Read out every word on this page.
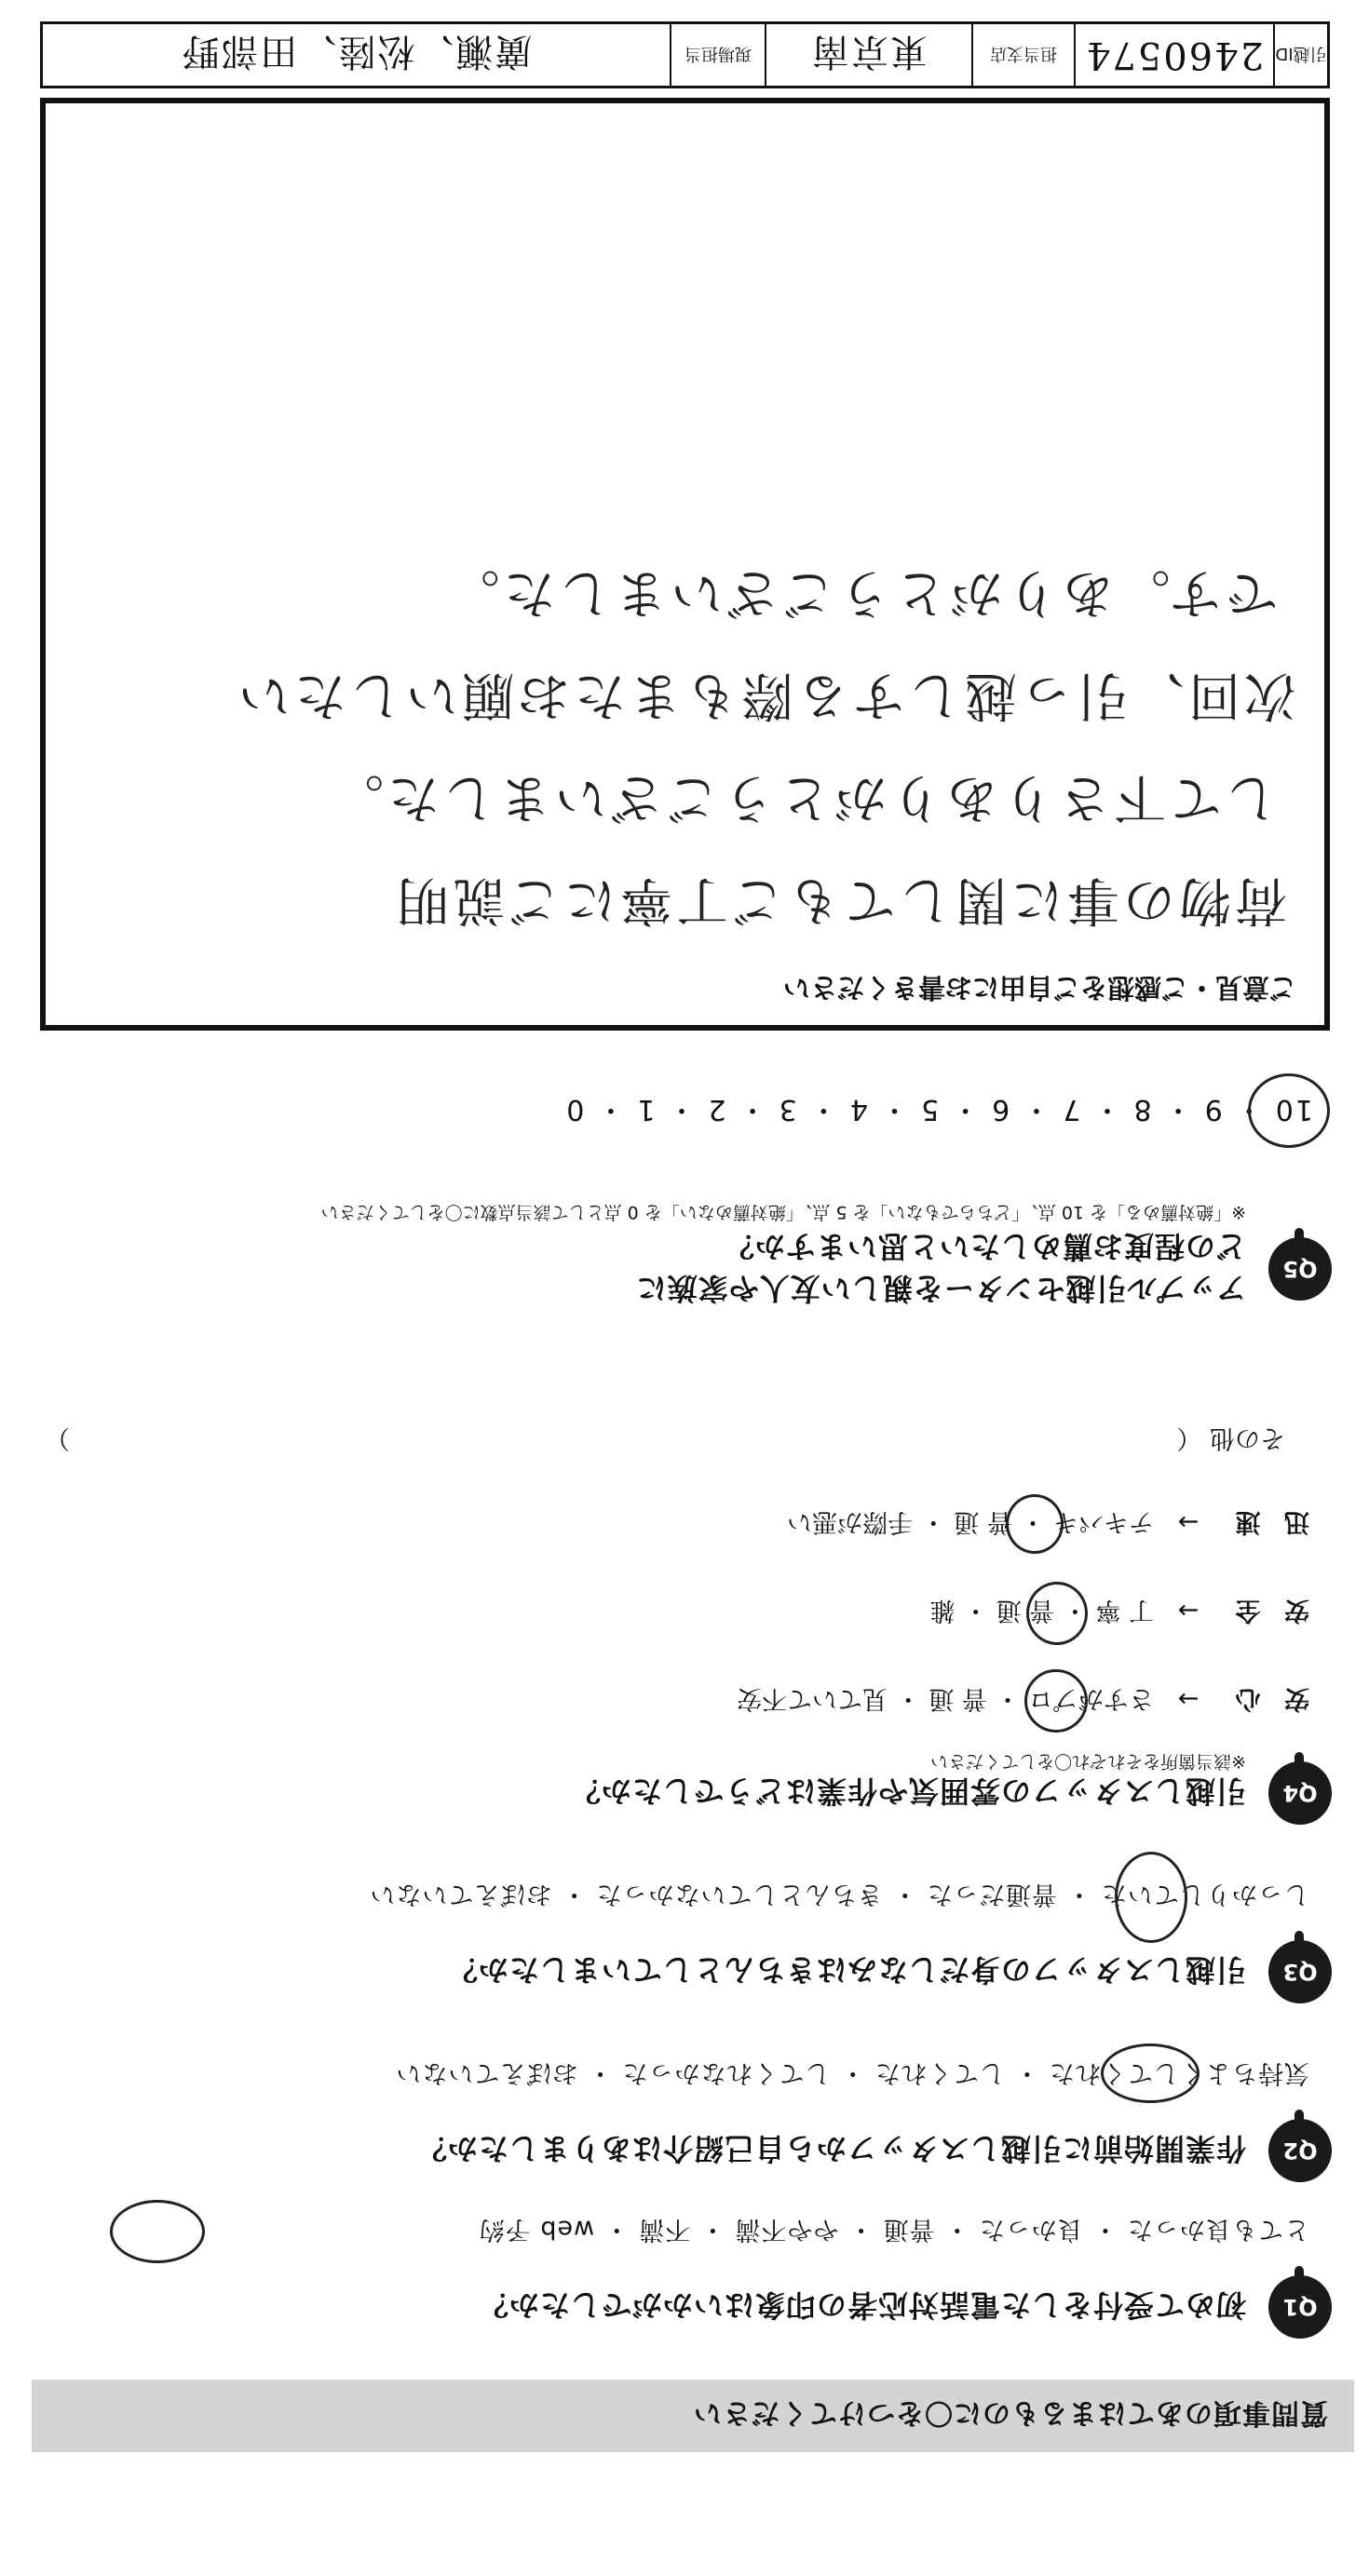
質問事項のあてはまるものに〇をつけてください
Q1
初めて受付をした電話対応者の印象はいかがでしたか？
とても良かった ・ 良かった ・ 普通 ・ やや不満 ・ 不満 ・ web 予約
Q2
作業開始前に引越しスタッフから自己紹介はありましたか？
気持ちよくしてくれた ・ してくれた ・ してくれなかった ・ おぼえていない
Q3
引越しスタッフの身だしなみはきちんとしていましたか？
しっかりしていた ・ 普通だった ・ きちんとしていなかった ・ おぼえていない
Q4
引越しスタッフの雰囲気や作業はどうでしたか？
※該当箇所をそれぞれ〇をしてください
安 心 →   さすがプロ ・ 普 通 ・ 見ていて不安
安 全 →   丁 寧 ・ 普 通 ・ 雑
迅 速 →   テキパキ ・ 普 通 ・ 手際が悪い
その他 （
）
Q5
アップル引越センターを親しい友人や家族に
どの程度お薦めしたいと思いますか？
※「絶対薦める」を 10 点、「どちらでもない」を 5 点、「絶対薦めない」を 0 点として該当点数に〇をしてください
10 ・ 9 ・ 8 ・ 7 ・ 6 ・ 5 ・ 4 ・ 3 ・ 2 ・ 1 ・ 0
ご意見・ご感想をご自由にお書きください
荷物の事に関してもご丁寧にご説明
して下さりありがとうございました。
次回、引っ越しする際もまたお願いしたい
です。ありがとうございました。
引越ID
2460574
担当支店
東京南
現場担当
廣瀬、松陸、田部野
